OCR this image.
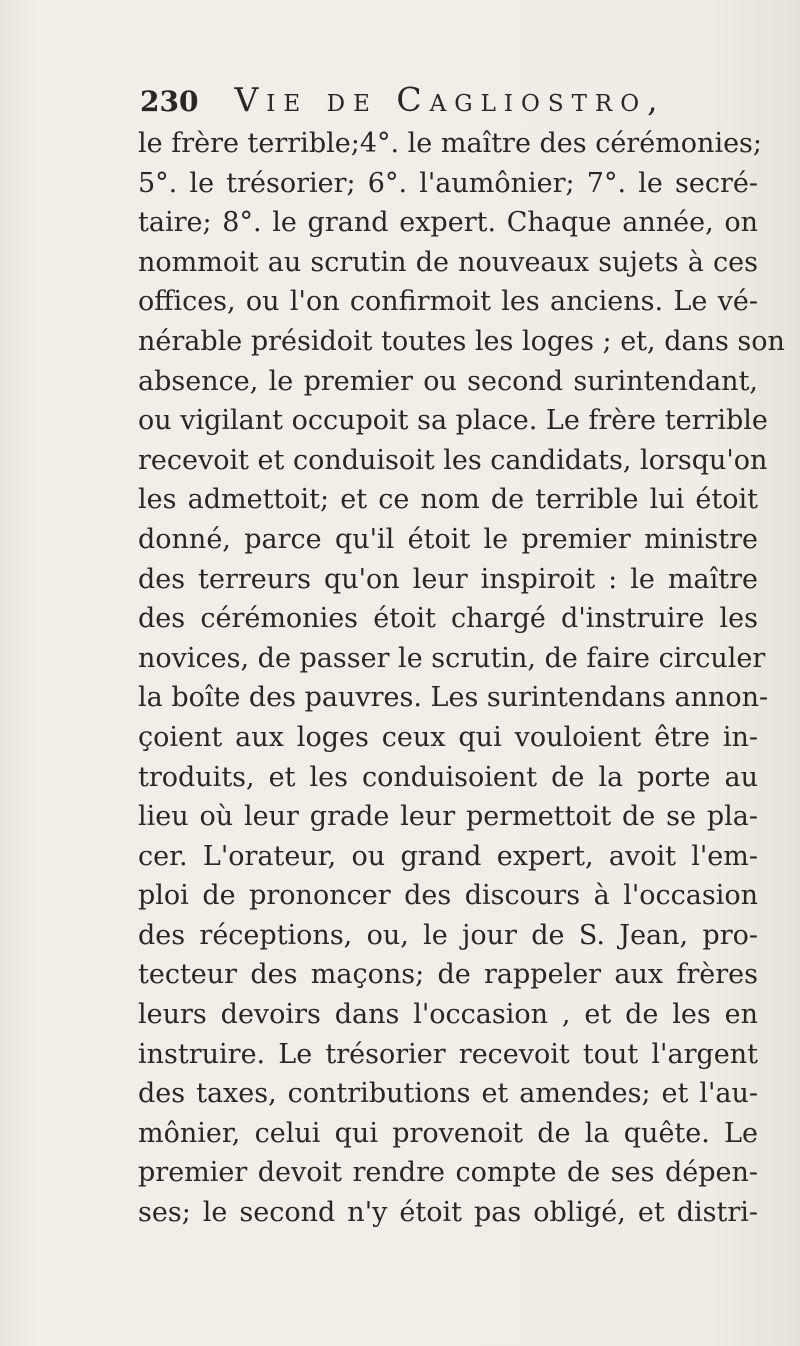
230 Vie de Cagliostro,
le frère terrible;4°. le maître des cérémonies;
5°. le trésorier; 6°. l'aumônier; 7°. le secré-
taire; 8°. le grand expert. Chaque année, on
nommoit au scrutin de nouveaux sujets à ces
offices, ou l'on confirmoit les anciens. Le vé-
nérable présidoit toutes les loges ; et, dans son
absence, le premier ou second surintendant,
ou vigilant occupoit sa place. Le frère terrible
recevoit et conduisoit les candidats, lorsqu'on
les admettoit; et ce nom de terrible lui étoit
donné, parce qu'il étoit le premier ministre
des terreurs qu'on leur inspiroit : le maître
des cérémonies étoit chargé d'instruire les
novices, de passer le scrutin, de faire circuler
la boîte des pauvres. Les surintendans annon-
çoient aux loges ceux qui vouloient être in-
troduits, et les conduisoient de la porte au
lieu où leur grade leur permettoit de se pla-
cer. L'orateur, ou grand expert, avoit l'em-
ploi de prononcer des discours à l'occasion
des réceptions, ou, le jour de S. Jean, pro-
tecteur des maçons; de rappeler aux frères
leurs devoirs dans l'occasion , et de les en
instruire. Le trésorier recevoit tout l'argent
des taxes, contributions et amendes; et l'au-
mônier, celui qui provenoit de la quête. Le
premier devoit rendre compte de ses dépen-
ses; le second n'y étoit pas obligé, et distri-
